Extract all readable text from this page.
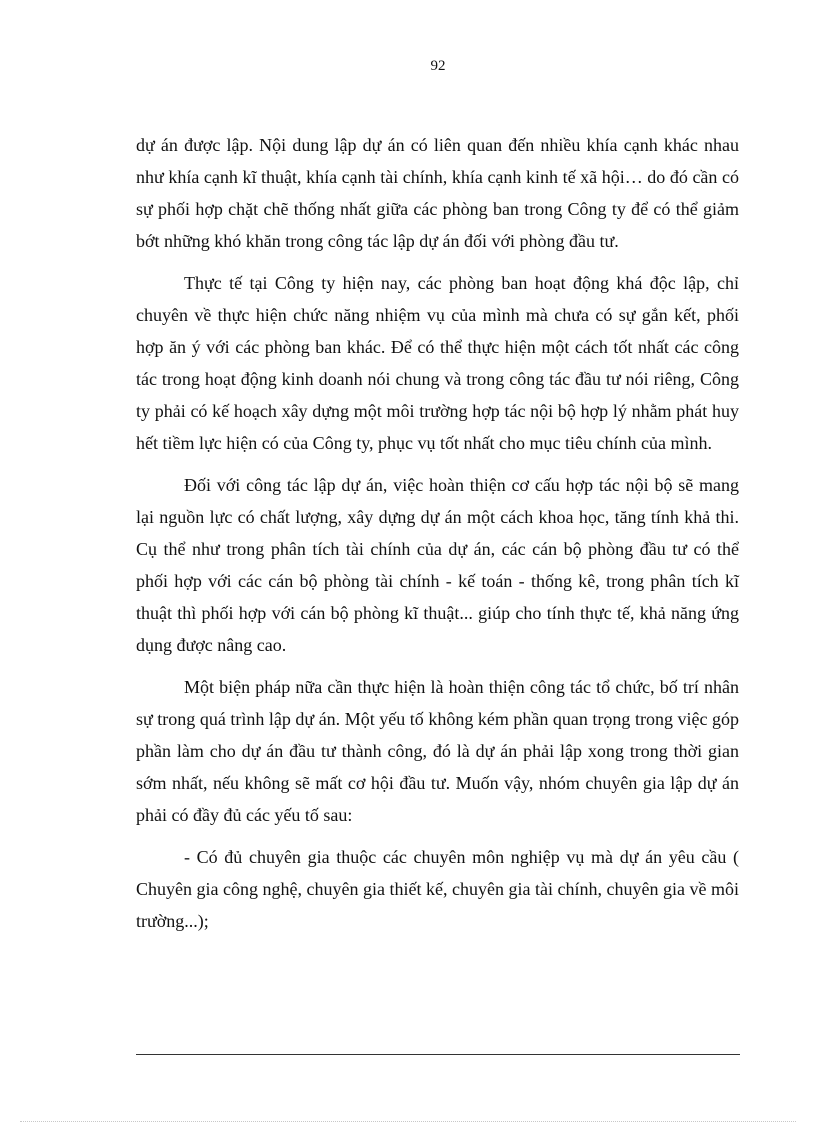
92

dự án được lập. Nội dung lập dự án có liên quan đến nhiều khía cạnh khác nhau như khía cạnh kĩ thuật, khía cạnh tài chính, khía cạnh kinh tế xã hội… do đó cần có sự phối hợp chặt chẽ thống nhất giữa các phòng ban trong Công ty để có thể giảm bớt những khó khăn trong công tác lập dự án đối với phòng đầu tư.

Thực tế tại Công ty hiện nay, các phòng ban hoạt động khá độc lập, chỉ chuyên về thực hiện chức năng nhiệm vụ của mình mà chưa có sự gắn kết, phối hợp ăn ý với các phòng ban khác. Để có thể thực hiện một cách tốt nhất các công tác trong hoạt động kinh doanh nói chung và trong công tác đầu tư nói riêng, Công ty phải có kế hoạch xây dựng một môi trường hợp tác nội bộ hợp lý nhằm phát huy hết tiềm lực hiện có của Công ty, phục vụ tốt nhất cho mục tiêu chính của mình.

Đối với công tác lập dự án, việc hoàn thiện cơ cấu hợp tác nội bộ sẽ mang lại nguồn lực có chất lượng, xây dựng dự án một cách khoa học, tăng tính khả thi. Cụ thể như trong phân tích tài chính của dự án, các cán bộ phòng đầu tư có thể phối hợp với các cán bộ phòng tài chính - kế toán - thống kê, trong phân tích kĩ thuật thì phối hợp với cán bộ phòng kĩ thuật... giúp cho tính thực tế, khả năng ứng dụng được nâng cao.

Một biện pháp nữa cần thực hiện là hoàn thiện công tác tổ chức, bố trí nhân sự trong quá trình lập dự án. Một yếu tố không kém phần quan trọng trong việc góp phần làm cho dự án đầu tư thành công, đó là dự án phải lập xong trong thời gian sớm nhất, nếu không sẽ mất cơ hội đầu tư. Muốn vậy, nhóm chuyên gia lập dự án phải có đầy đủ các yếu tố sau:

- Có đủ chuyên gia thuộc các chuyên môn nghiệp vụ mà dự án yêu cầu ( Chuyên gia công nghệ, chuyên gia thiết kế, chuyên gia tài chính, chuyên gia về môi trường...);
